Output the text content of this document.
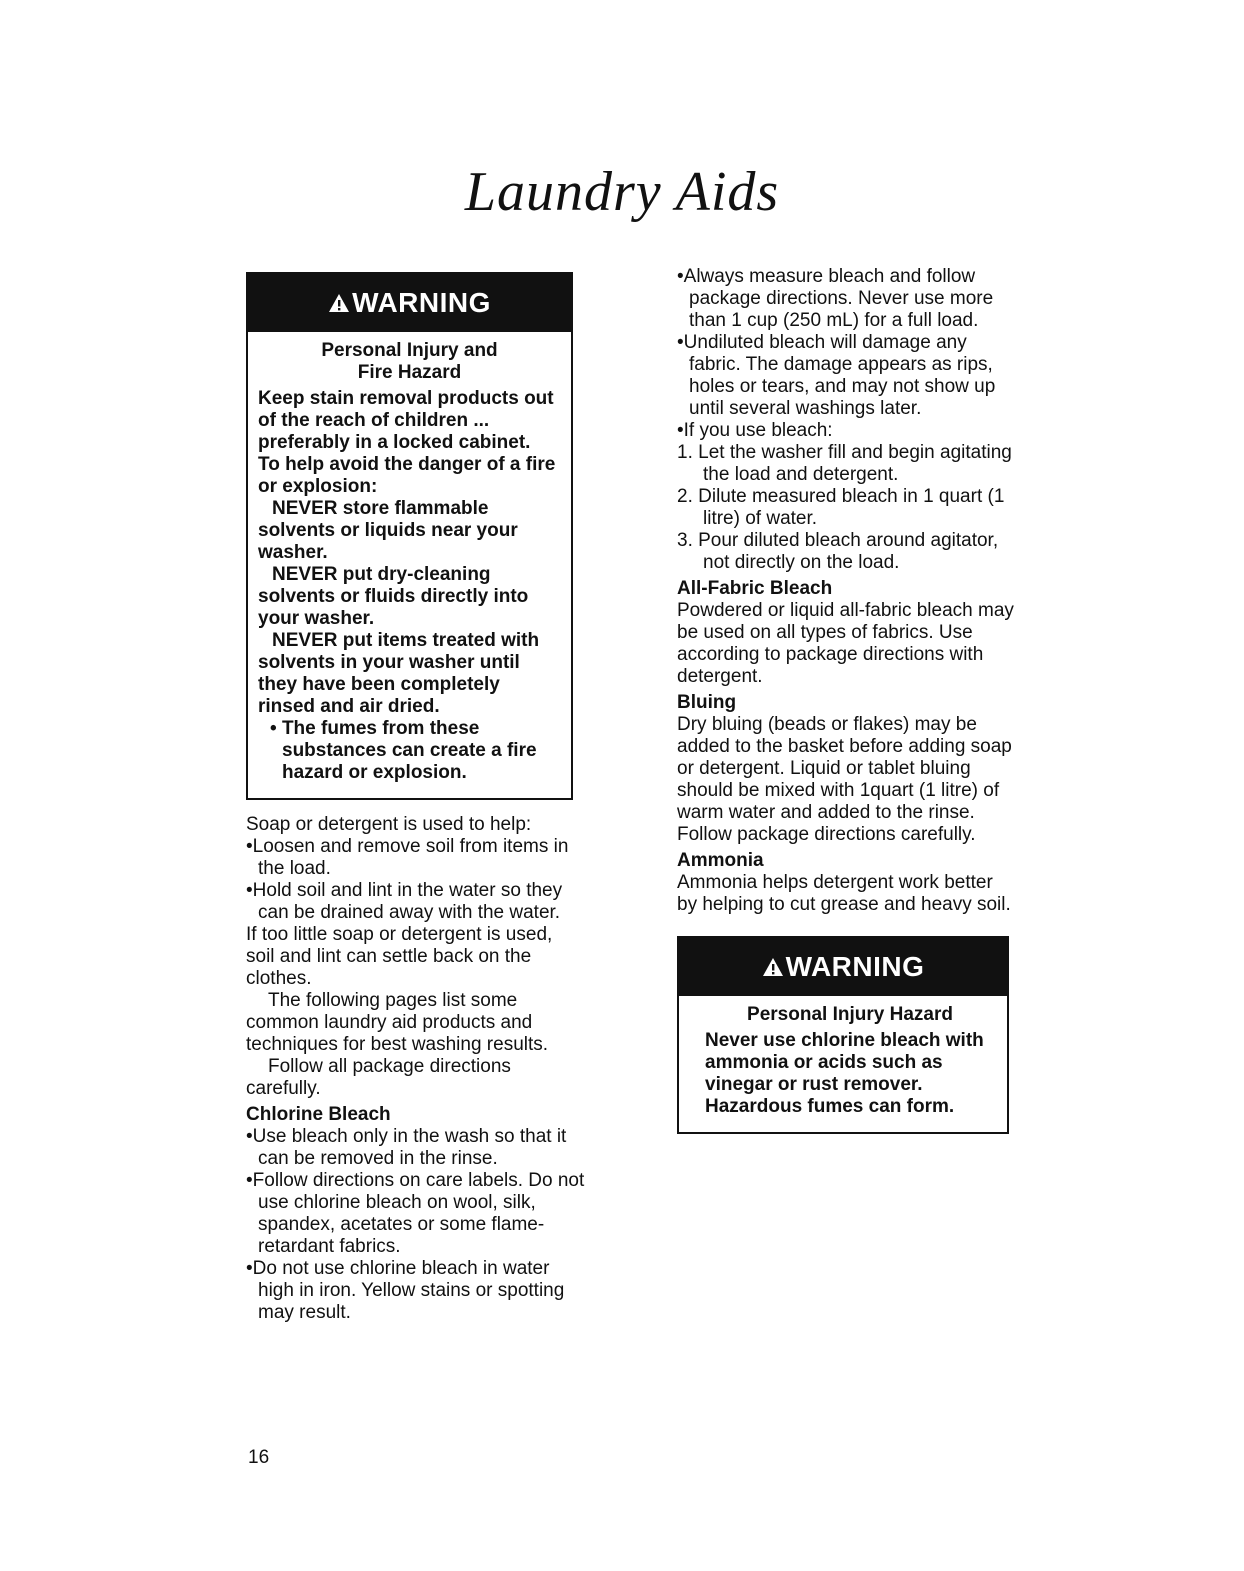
Laundry Aids
WARNING
Personal Injury and
Fire Hazard

Keep stain removal products out of the reach of children ... preferably in a locked cabinet.

To help avoid the danger of a fire or explosion:

NEVER store flammable solvents or liquids near your washer.

NEVER put dry-cleaning solvents or fluids directly into your washer.

NEVER put items treated with solvents in your washer until they have been completely rinsed and air dried.

• The fumes from these substances can create a fire hazard or explosion.

Soap or detergent is used to help:

•Loosen and remove soil from items in the load.

•Hold soil and lint in the water so they can be drained away with the water.

If too little soap or detergent is used, soil and lint can settle back on the clothes.

The following pages list some common laundry aid products and techniques for best washing results.

Follow all package directions carefully.

Chlorine Bleach

•Use bleach only in the wash so that it can be removed in the rinse.

•Follow directions on care labels. Do not use chlorine bleach on wool, silk, spandex, acetates or some flame-retardant fabrics.

•Do not use chlorine bleach in water high in iron. Yellow stains or spotting may result.

•Always measure bleach and follow package directions. Never use more than 1 cup (250 mL) for a full load.

•Undiluted bleach will damage any fabric. The damage appears as rips, holes or tears, and may not show up until several washings later.

•If you use bleach:

1. Let the washer fill and begin agitating the load and detergent.

2. Dilute measured bleach in 1 quart (1 litre) of water.

3. Pour diluted bleach around agitator, not directly on the load.

All-Fabric Bleach

Powdered or liquid all-fabric bleach may be used on all types of fabrics. Use according to package directions with detergent.

Bluing

Dry bluing (beads or flakes) may be added to the basket before adding soap or detergent. Liquid or tablet bluing should be mixed with 1quart (1 litre) of warm water and added to the rinse. Follow package directions carefully.

Ammonia

Ammonia helps detergent work better by helping to cut grease and heavy soil.

WARNING
Personal Injury Hazard

Never use chlorine bleach with ammonia or acids such as vinegar or rust remover. Hazardous fumes can form.

16
